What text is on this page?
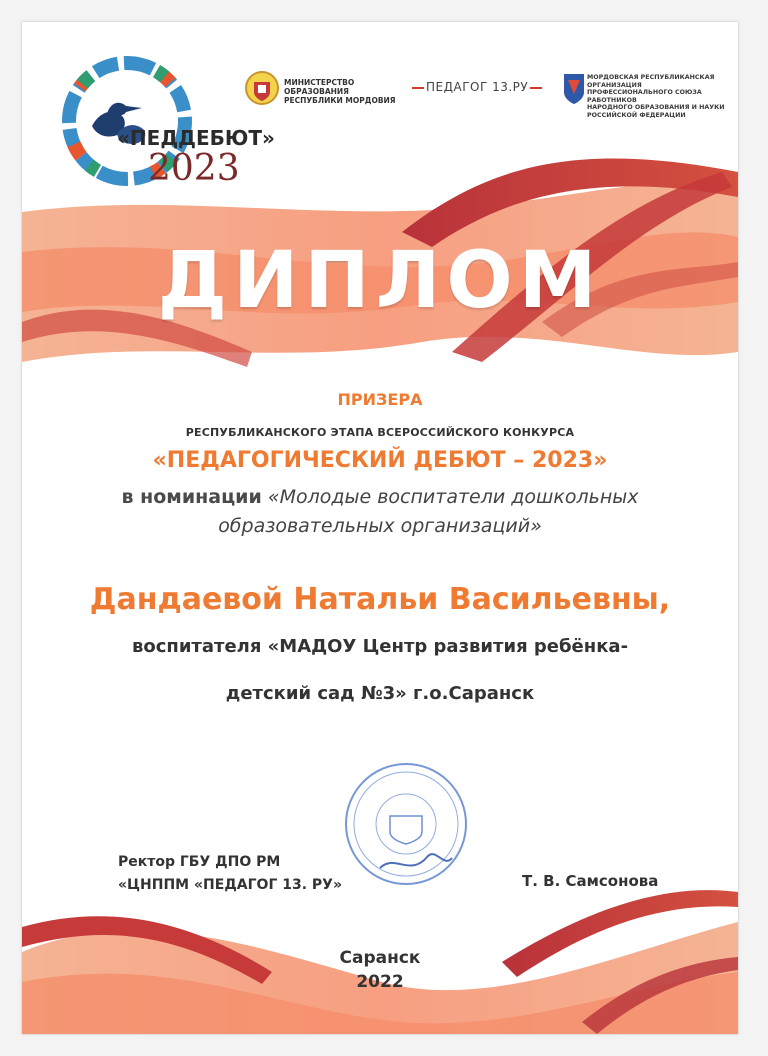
«ПЕДДЕБЮТ»
2023
МИНИСТЕРСТВО ОБРАЗОВАНИЯ
РЕСПУБЛИКИ МОРДОВИЯ
ПЕДАГОГ 13.РУ
МОРДОВСКАЯ РЕСПУБЛИКАНСКАЯ ОРГАНИЗАЦИЯ
ПРОФЕССИОНАЛЬНОГО СОЮЗА РАБОТНИКОВ
НАРОДНОГО ОБРАЗОВАНИЯ И НАУКИ
РОССИЙСКОЙ ФЕДЕРАЦИИ
ДИПЛОМ
ПРИЗЕРА
РЕСПУБЛИКАНСКОГО ЭТАПА ВСЕРОССИЙСКОГО КОНКУРСА
«ПЕДАГОГИЧЕСКИЙ ДЕБЮТ – 2023»
в номинации «Молодые воспитатели дошкольных
образовательных организаций»
Дандаевой Натальи Васильевны,
воспитателя «МАДОУ Центр развития ребёнка-
детский сад №3» г.о.Саранск
Ректор ГБУ ДПО РМ
«ЦНППМ «ПЕДАГОГ 13. РУ»	Т. В. Самсонова
Саранск
2022
